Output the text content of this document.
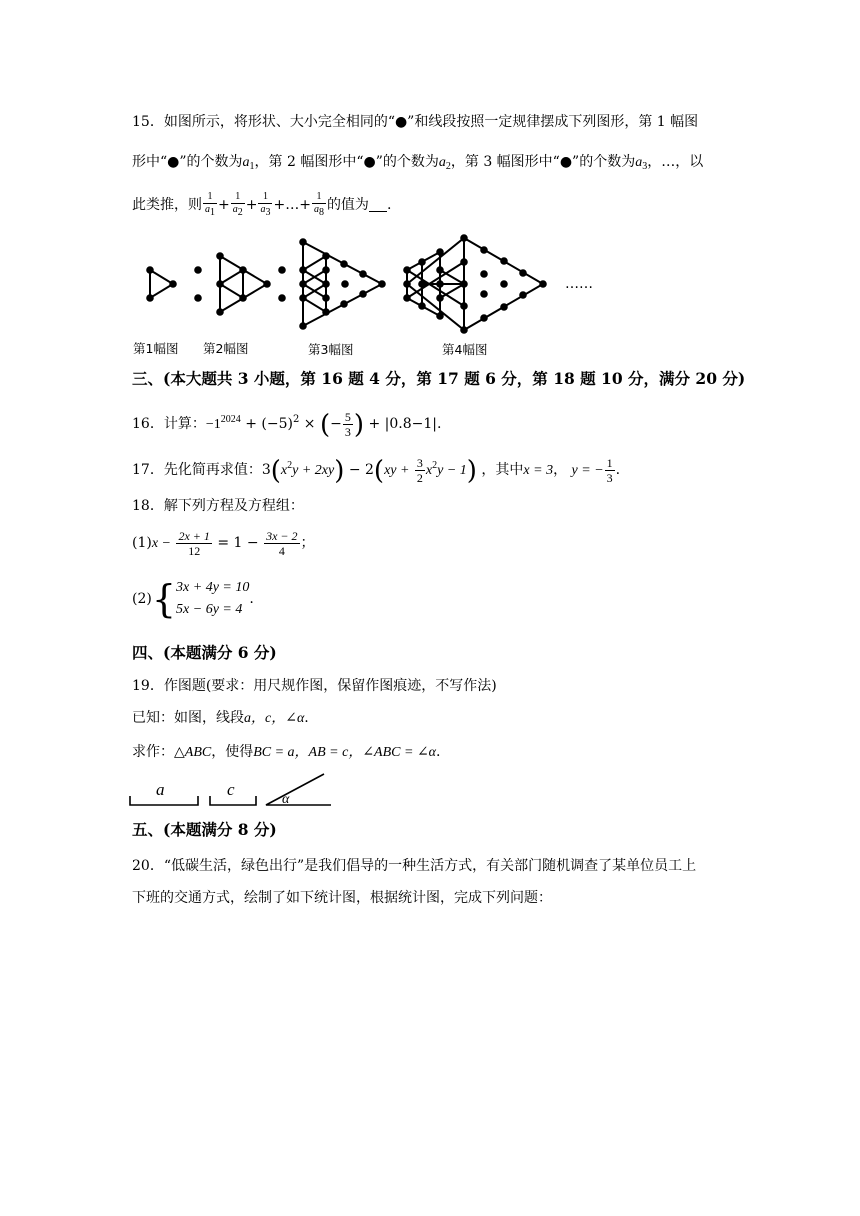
15．如图所示，将形状、大小完全相同的“●”和线段按照一定规律摆成下列图形，第 1 幅图
形中“●”的个数为$a_1$，第 2 幅图形中“●”的个数为$a_2$，第 3 幅图形中“●”的个数为$a_3$，…，以
此类推，则 $\frac{1}{a1} + \frac{1}{a2} + \frac{1}{a3}$ +…+ $\frac{1}{a8}$ 的值为 .
……
第1幅图 第2幅图	第3幅图	第4幅图
三、(本大题共 3 小题，第 16 题 4 分，第 17 题 6 分，第 18 题 10 分，满分 20 分)
16．计算：$-1^{2024} + (-5)^2$ × (− $\frac{5}{3}$ ) + |0.8−1|.
17．先化简再求值：$3(x^2y + 2xy) - 2(xy + \frac{3}{2} x^2y - 1)$ ，其中x = 3， y = − $\frac{1}{3}$ .
18．解下列方程及方程组：
$(1)x - \frac{2x + 1}{12} = 1 - \frac{3x - 2}{4}$ ；
(2){ 3x + 4y = 10
5x − 6y = 4
.
四、(本题满分 6 分)
19．作图题(要求：用尺规作图，保留作图痕迹，不写作法)
已知：如图，线段a，c，∠α.
求作：△ABC，使得BC = a，AB = c，∠ABC = ∠α.
a	c
α
五、(本题满分 8 分)
20．“低碳生活，绿色出行”是我们倡导的一种生活方式，有关部门随机调查了某单位员工上
下班的交通方式，绘制了如下统计图，根据统计图，完成下列问题：
